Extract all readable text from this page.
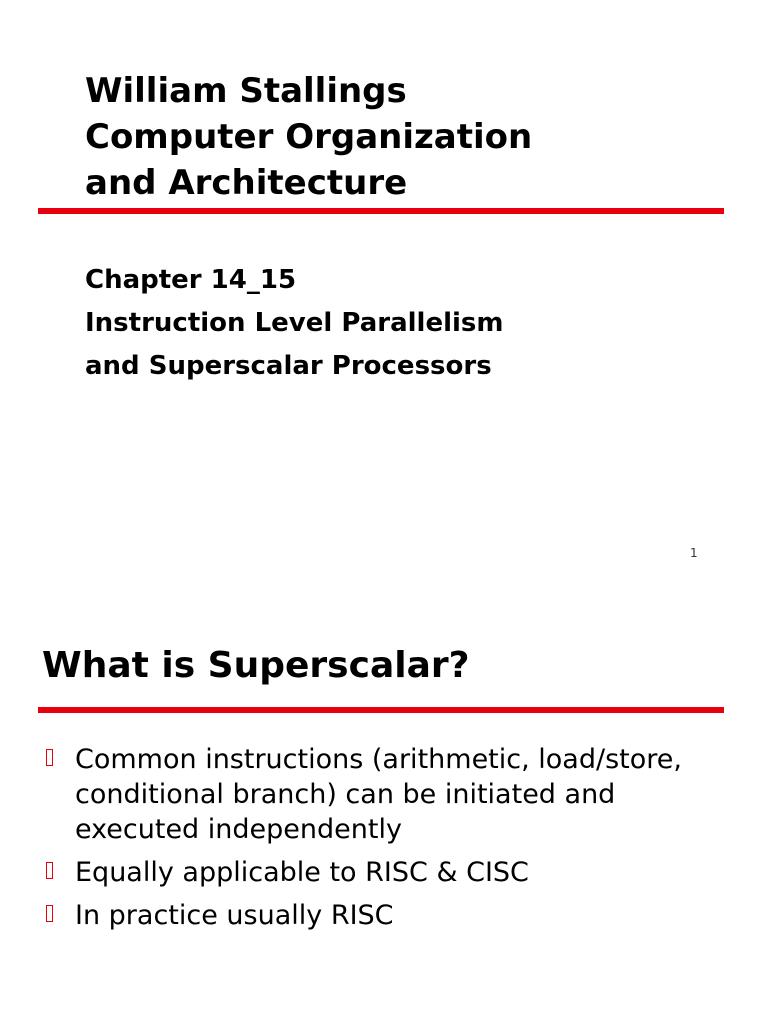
William Stallings
Computer Organization
and Architecture
Chapter 14_15
Instruction Level Parallelism
and Superscalar Processors
1
What is Superscalar?
Common instructions (arithmetic, load/store, conditional branch) can be initiated and executed independently
Equally applicable to RISC & CISC
In practice usually RISC
